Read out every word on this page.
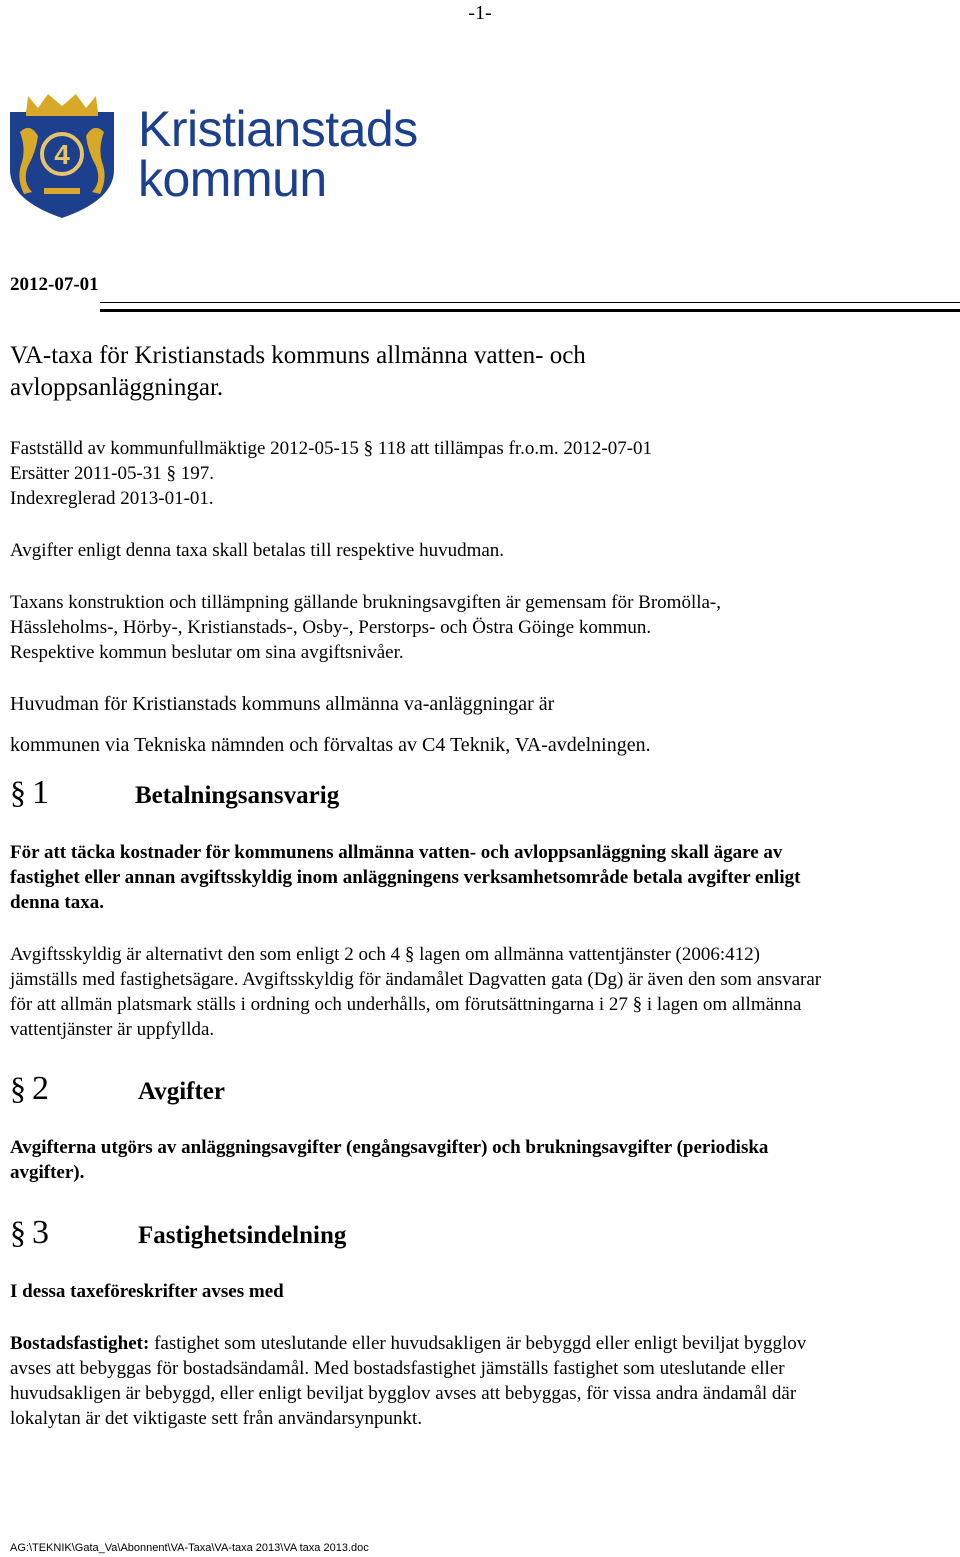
-1-
4 Kristianstads
kommun
2012-07-01
VA-taxa för Kristianstads kommuns allmänna vatten- och
avloppsanläggningar.
Fastställd av kommunfullmäktige 2012-05-15 § 118 att tillämpas fr.o.m. 2012-07-01
Ersätter 2011-05-31 § 197.
Indexreglerad 2013-01-01.
Avgifter enligt denna taxa skall betalas till respektive huvudman.
Taxans konstruktion och tillämpning gällande brukningsavgiften är gemensam för Bromölla-,
Hässleholms-, Hörby-, Kristianstads-, Osby-, Perstorps- och Östra Göinge kommun.
Respektive kommun beslutar om sina avgiftsnivåer.
Huvudman för Kristianstads kommuns allmänna va-anläggningar är
kommunen via Tekniska nämnden och förvaltas av C4 Teknik, VA-avdelningen.
§ 1	Betalningsansvarig
För att täcka kostnader för kommunens allmänna vatten- och avloppsanläggning skall ägare av
fastighet eller annan avgiftsskyldig inom anläggningens verksamhetsområde betala avgifter enligt
denna taxa.
Avgiftsskyldig är alternativt den som enligt 2 och 4 § lagen om allmänna vattentjänster (2006:412)
jämställs med fastighetsägare. Avgiftsskyldig för ändamålet Dagvatten gata (Dg) är även den som ansvarar
för att allmän platsmark ställs i ordning och underhålls, om förutsättningarna i 27 § i lagen om allmänna
vattentjänster är uppfyllda.
§ 2	Avgifter
Avgifterna utgörs av anläggningsavgifter (engångsavgifter) och brukningsavgifter (periodiska
avgifter).
§ 3	Fastighetsindelning
I dessa taxeföreskrifter avses med
Bostadsfastighet: fastighet som uteslutande eller huvudsakligen är bebyggd eller enligt beviljat bygglov
avses att bebyggas för bostadsändamål. Med bostadsfastighet jämställs fastighet som uteslutande eller
huvudsakligen är bebyggd, eller enligt beviljat bygglov avses att bebyggas, för vissa andra ändamål där
lokalytan är det viktigaste sett från användarsynpunkt.
AG:\TEKNIK\Gata_Va\Abonnent\VA-Taxa\VA-taxa 2013\VA taxa 2013.doc
